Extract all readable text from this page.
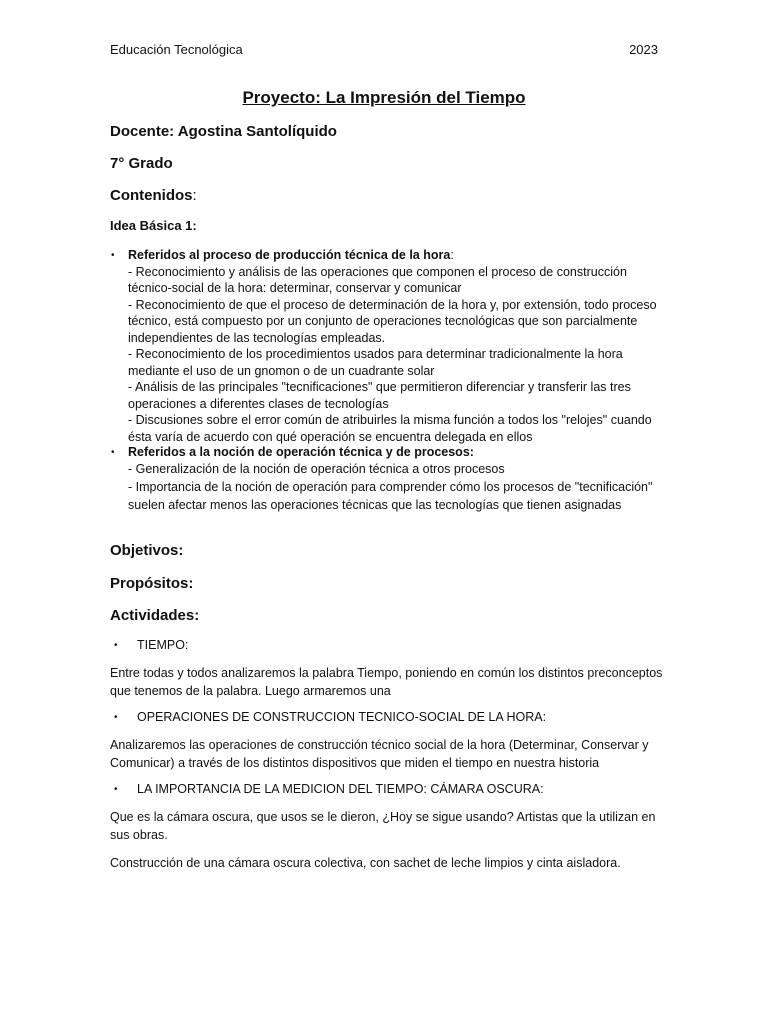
Educación Tecnológica	2023
Proyecto: La Impresión del Tiempo
Docente: Agostina Santolíquido
7° Grado
Contenidos:
Idea Básica 1:
• Referidos al proceso de producción técnica de la hora:
- Reconocimiento y análisis de las operaciones que componen el proceso de construcción técnico-social de la hora: determinar, conservar y comunicar
- Reconocimiento de que el proceso de determinación de la hora y, por extensión, todo proceso técnico, está compuesto por un conjunto de operaciones tecnológicas que son parcialmente independientes de las tecnologías empleadas.
- Reconocimiento de los procedimientos usados para determinar tradicionalmente la hora mediante el uso de un gnomon o de un cuadrante solar
- Análisis de las principales "tecnificaciones" que permitieron diferenciar y transferir las tres operaciones a diferentes clases de tecnologías
- Discusiones sobre el error común de atribuirles la misma función a todos los "relojes" cuando ésta varía de acuerdo con qué operación se encuentra delegada en ellos
• Referidos a la noción de operación técnica y de procesos:
- Generalización de la noción de operación técnica a otros procesos
- Importancia de la noción de operación para comprender cómo los procesos de "tecnificación" suelen afectar menos las operaciones técnicas que las tecnologías que tienen asignadas
Objetivos:
Propósitos:
Actividades:
• TIEMPO:
Entre todas y todos analizaremos la palabra Tiempo, poniendo en común los distintos preconceptos que tenemos de la palabra. Luego armaremos una
• OPERACIONES DE CONSTRUCCION TECNICO-SOCIAL DE LA HORA:
Analizaremos las operaciones de construcción técnico social de la hora (Determinar, Conservar y Comunicar) a través de los distintos dispositivos que miden el tiempo en nuestra historia
• LA IMPORTANCIA DE LA MEDICION DEL TIEMPO: CÁMARA OSCURA:
Que es la cámara oscura, que usos se le dieron, ¿Hoy se sigue usando? Artistas que la utilizan en sus obras.
Construcción de una cámara oscura colectiva, con sachet de leche limpios y cinta aisladora.
